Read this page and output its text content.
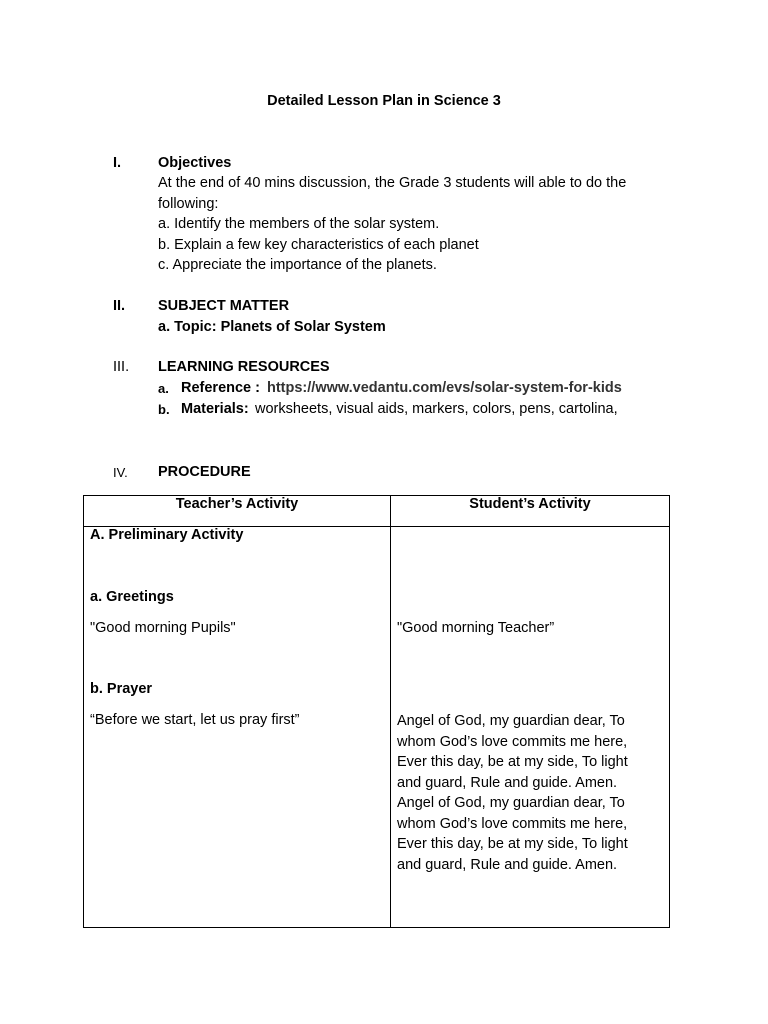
Detailed Lesson Plan in Science 3
I.	Objectives
At the end of 40 mins discussion, the Grade 3 students will able to do the
following:
a. Identify the members of the solar system.
b. Explain a few key characteristics of each planet
c. Appreciate the importance of the planets.
II. SUBJECT MATTER
a. Topic: Planets of Solar System
III. LEARNING RESOURCES
a. Reference : https://www.vedantu.com/evs/solar-system-for-kids
b. Materials: worksheets, visual aids, markers, colors, pens, cartolina,
IV. PROCEDURE
Teacher’s Activity	Student’s Activity
A. Preliminary Activity
a. Greetings
"Good morning Pupils"	"Good morning Teacher”
b. Prayer
“Before we start, let us pray first”	Angel of God, my guardian dear, To
whom God’s love commits me here,
Ever this day, be at my side, To light
and guard, Rule and guide. Amen.
Angel of God, my guardian dear, To
whom God’s love commits me here,
Ever this day, be at my side, To light
and guard, Rule and guide. Amen.
